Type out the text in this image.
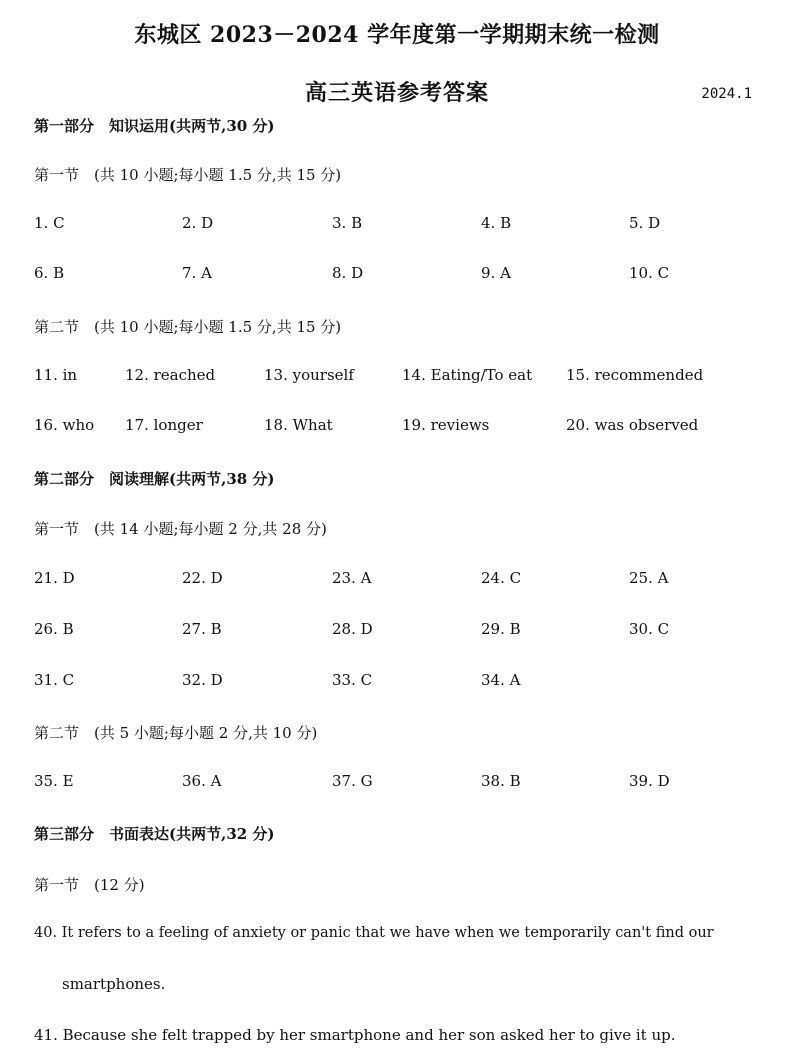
东城区 2023－2024 学年度第一学期期末统一检测
高三英语参考答案	2024.1
第一部分　知识运用(共两节,30 分)
第一节　(共 10 小题;每小题 1.5 分,共 15 分)
1. C	2. D	3. B	4. B	5. D
6. B	7. A	8. D	9. A	10. C
第二节　(共 10 小题;每小题 1.5 分,共 15 分)
11. in	12. reached	13. yourself	14. Eating/To eat 15. recommended
16. who 17. longer	18. What	19. reviews	20. was observed
第二部分　阅读理解(共两节,38 分)
第一节　(共 14 小题;每小题 2 分,共 28 分)
21. D	22. D	23. A	24. C	25. A
26. B	27. B	28. D	29. B	30. C
31. C	32. D	33. C	34. A
第二节　(共 5 小题;每小题 2 分,共 10 分)
35. E	36. A	37. G	38. B	39. D
第三部分　书面表达(共两节,32 分)
第一节　(12 分)
40. It refers to a feeling of anxiety or panic that we have when we temporarily can't find our
smartphones.
41. Because she felt trapped by her smartphone and her son asked her to give it up.
